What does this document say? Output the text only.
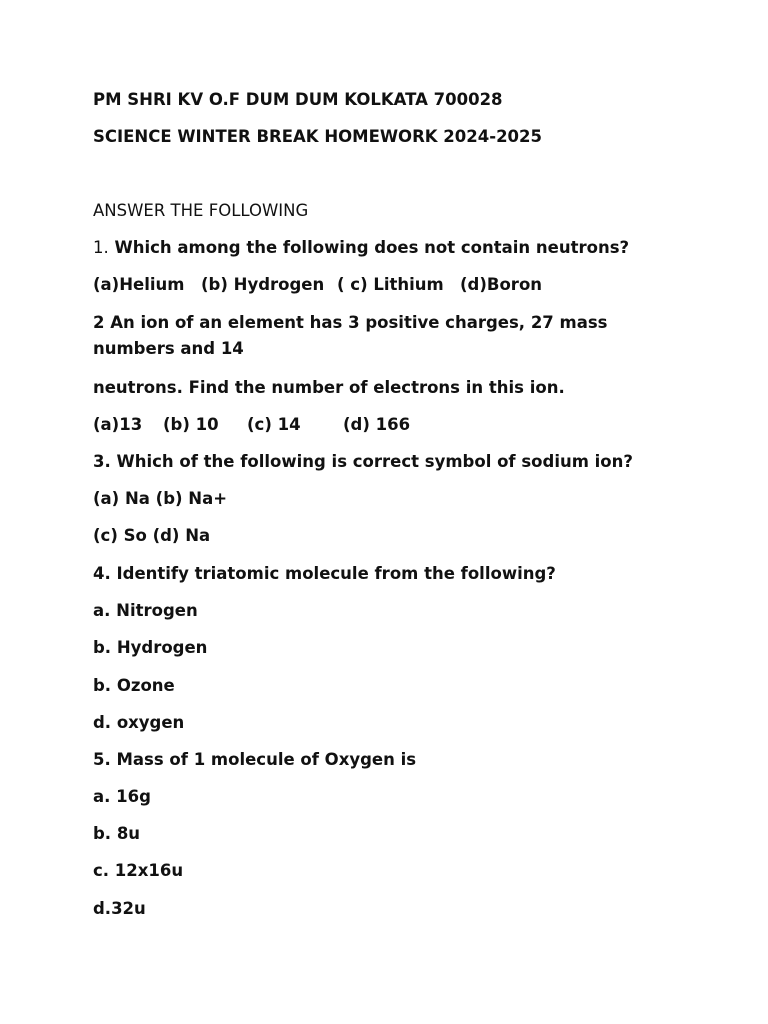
PM SHRI KV O.F DUM DUM KOLKATA 700028
SCIENCE WINTER BREAK HOMEWORK 2024-2025
ANSWER THE FOLLOWING
1. Which among the following does not contain neutrons?
(a)Helium (b) Hydrogen ( c) Lithium (d)Boron
2 An ion of an element has 3 positive charges, 27 mass numbers and 14
neutrons. Find the number of electrons in this ion.
(a)13 (b) 10 (c) 14	(d) 166
3. Which of the following is correct symbol of sodium ion?
(a) Na (b) Na+
(c) So (d) Na
4. Identify triatomic molecule from the following?
a. Nitrogen
b. Hydrogen
b. Ozone
d. oxygen
5. Mass of 1 molecule of Oxygen is
a. 16g
b. 8u
c. 12x16u
d.32u
